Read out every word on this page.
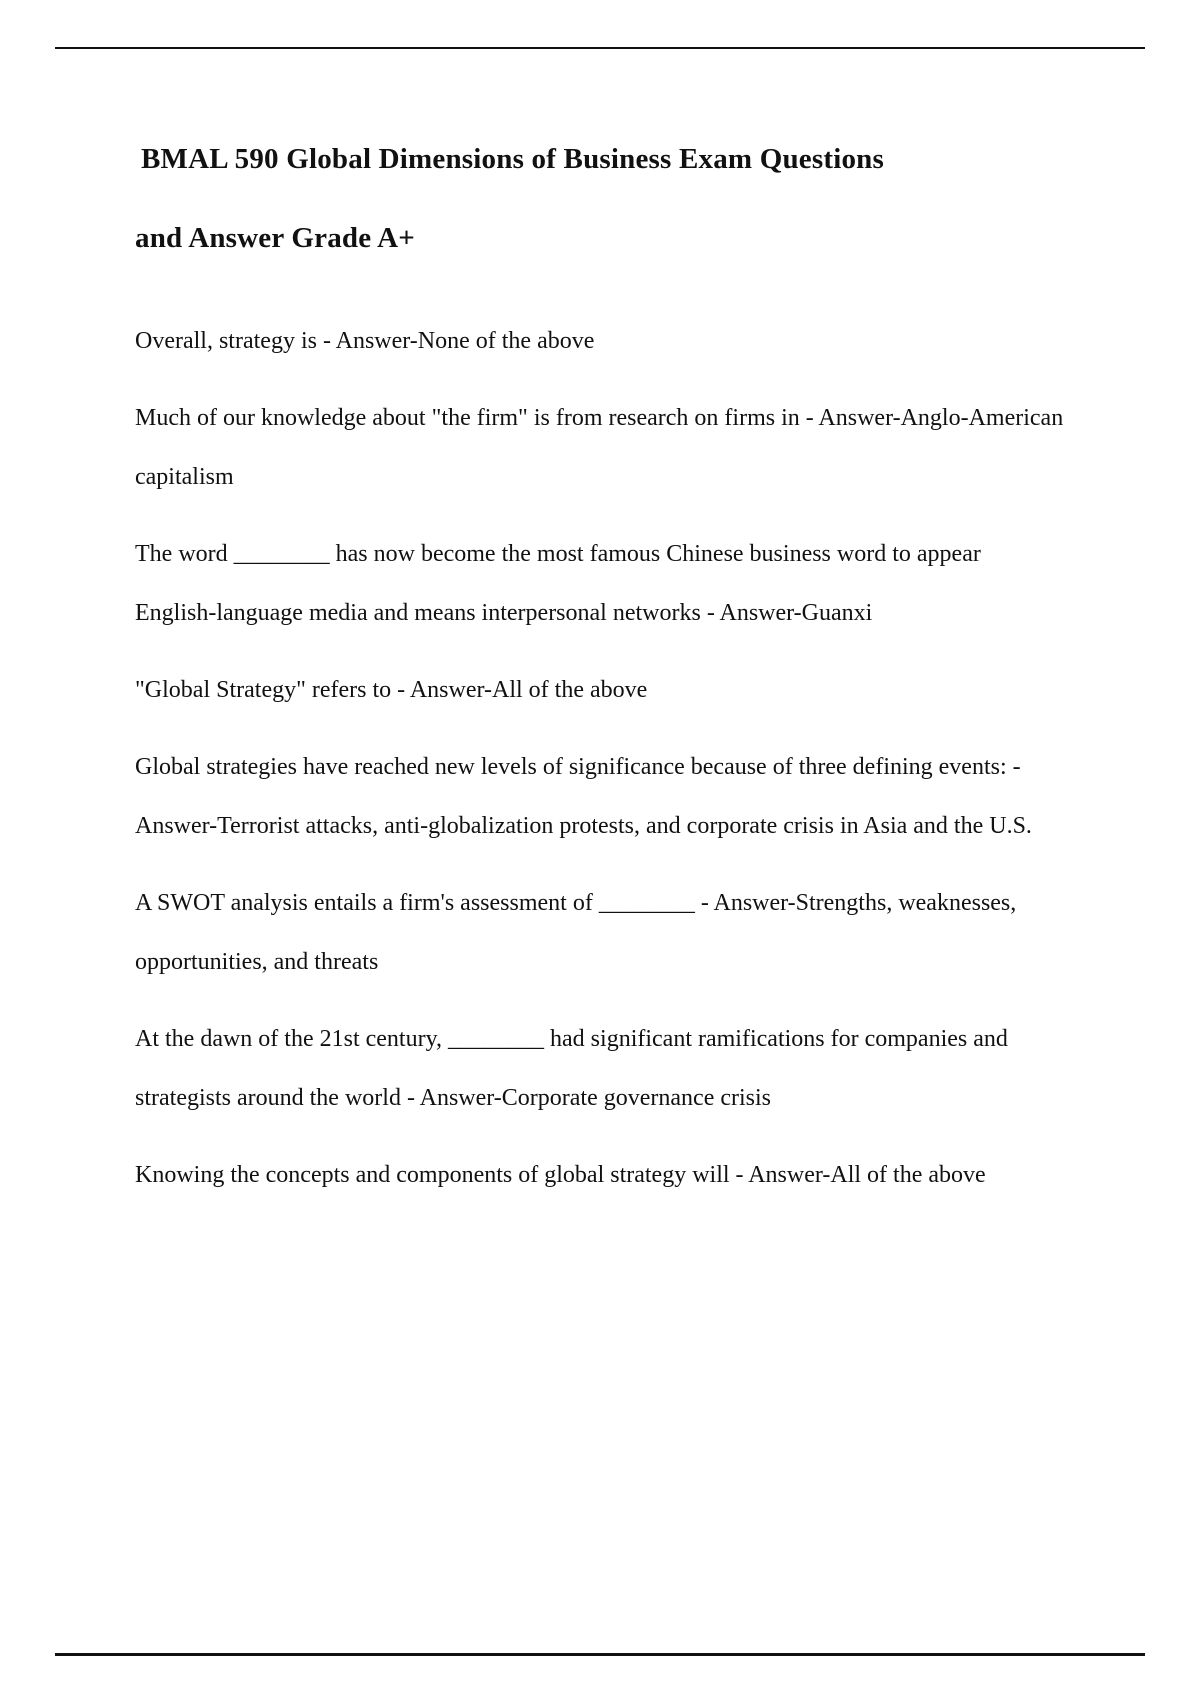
BMAL 590 Global Dimensions of Business Exam Questions
and Answer Grade A+

Overall, strategy is - Answer-None of the above

Much of our knowledge about "the firm" is from research on firms in - Answer-Anglo-American capitalism

The word ________ has now become the most famous Chinese business word to appear English-language media and means interpersonal networks - Answer-Guanxi

"Global Strategy" refers to - Answer-All of the above

Global strategies have reached new levels of significance because of three defining events: - Answer-Terrorist attacks, anti-globalization protests, and corporate crisis in Asia and the U.S.

A SWOT analysis entails a firm's assessment of ________ - Answer-Strengths, weaknesses, opportunities, and threats

At the dawn of the 21st century, ________ had significant ramifications for companies and strategists around the world - Answer-Corporate governance crisis

Knowing the concepts and components of global strategy will - Answer-All of the above
